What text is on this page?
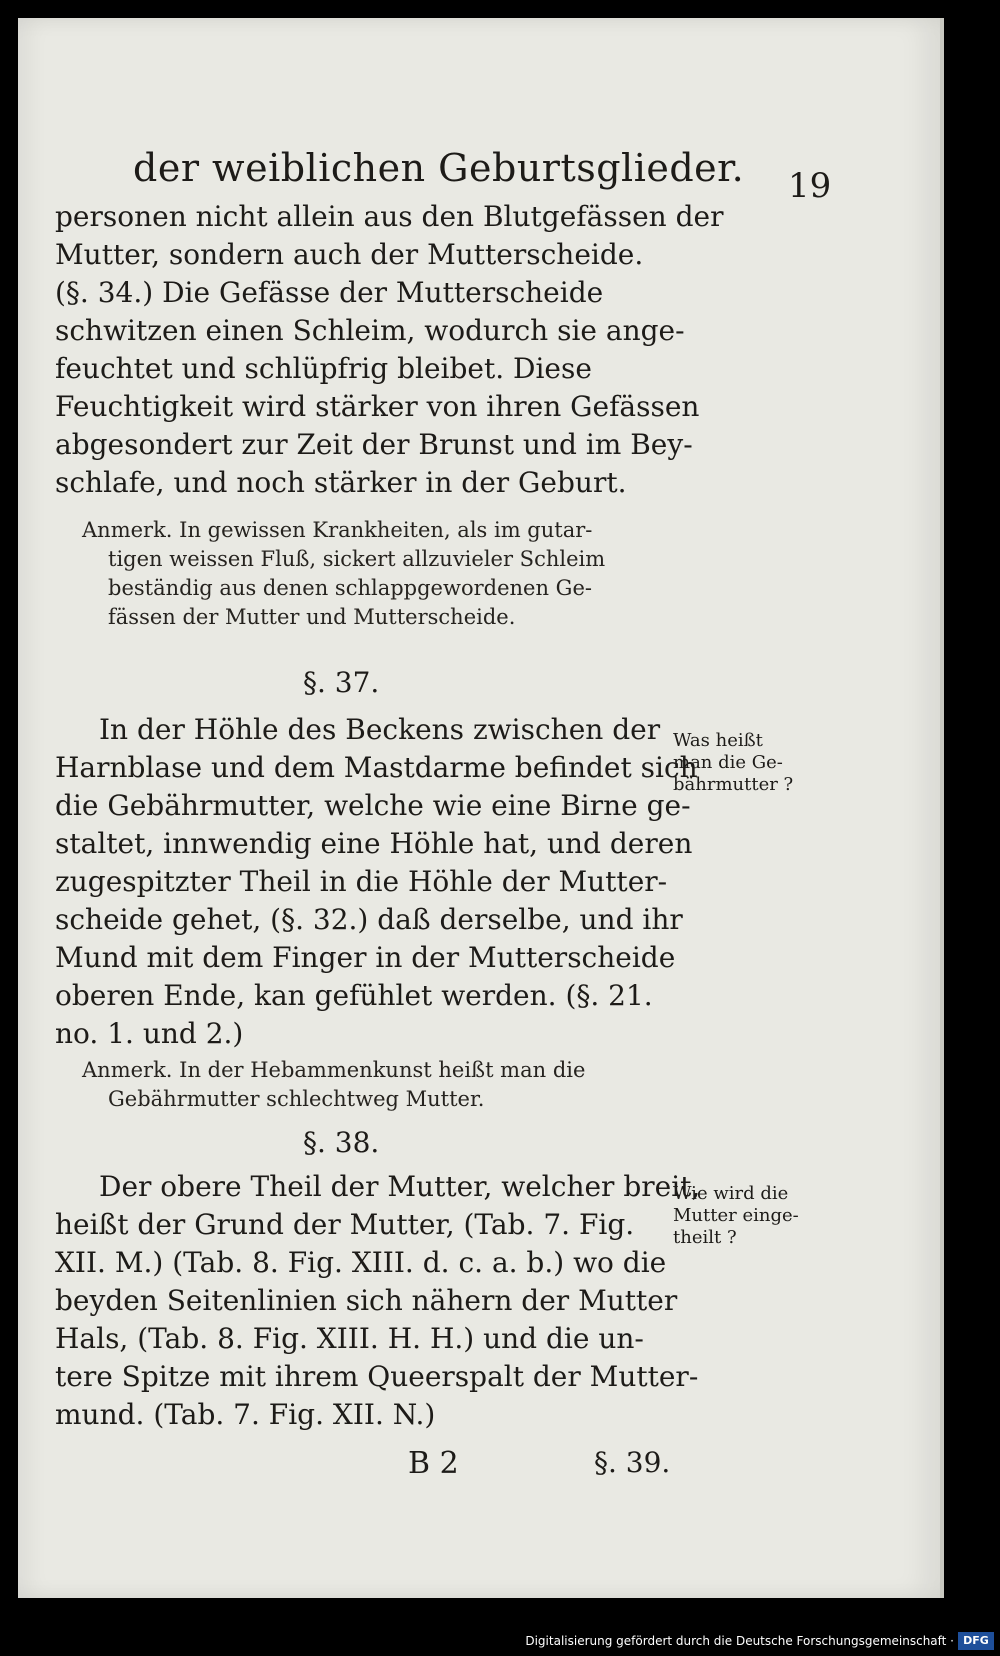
der weiblichen Geburtsglieder. 19
personen nicht allein aus den Blutgefässen der
Mutter, sondern auch der Mutterscheide.
(§. 34.) Die Gefässe der Mutterscheide
schwitzen einen Schleim, wodurch sie ange-
feuchtet und schlüpfrig bleibet. Diese
Feuchtigkeit wird stärker von ihren Gefässen
abgesondert zur Zeit der Brunst und im Bey-
schlafe, und noch stärker in der Geburt.
Anmerk. In gewissen Krankheiten, als im gutar-
tigen weissen Fluß, sickert allzuvieler Schleim
beständig aus denen schlappgewordenen Ge-
fässen der Mutter und Mutterscheide.
§. 37.
In der Höhle des Beckens zwischen der
Harnblase und dem Mastdarme befindet sich
die Gebährmutter, welche wie eine Birne ge-
staltet, innwendig eine Höhle hat, und deren
zugespitzter Theil in die Höhle der Mutter-
scheide gehet, (§. 32.) daß derselbe, und ihr
Mund mit dem Finger in der Mutterscheide
oberen Ende, kan gefühlet werden. (§. 21.
no. 1. und 2.)
Was heißt
man die Ge-
bährmutter ?
Anmerk. In der Hebammenkunst heißt man die
Gebährmutter schlechtweg Mutter.
§. 38.
Der obere Theil der Mutter, welcher breit,
heißt der Grund der Mutter, (Tab. 7. Fig.
XII. M.) (Tab. 8. Fig. XIII. d. c. a. b.) wo die
beyden Seitenlinien sich nähern der Mutter
Hals, (Tab. 8. Fig. XIII. H. H.) und die un-
tere Spitze mit ihrem Queerspalt der Mutter-
mund. (Tab. 7. Fig. XII. N.)
Wie wird die
Mutter einge-
theilt ?
B 2	§. 39.
Digitalisierung gefördert durch die Deutsche Forschungsgemeinschaft · DFG
